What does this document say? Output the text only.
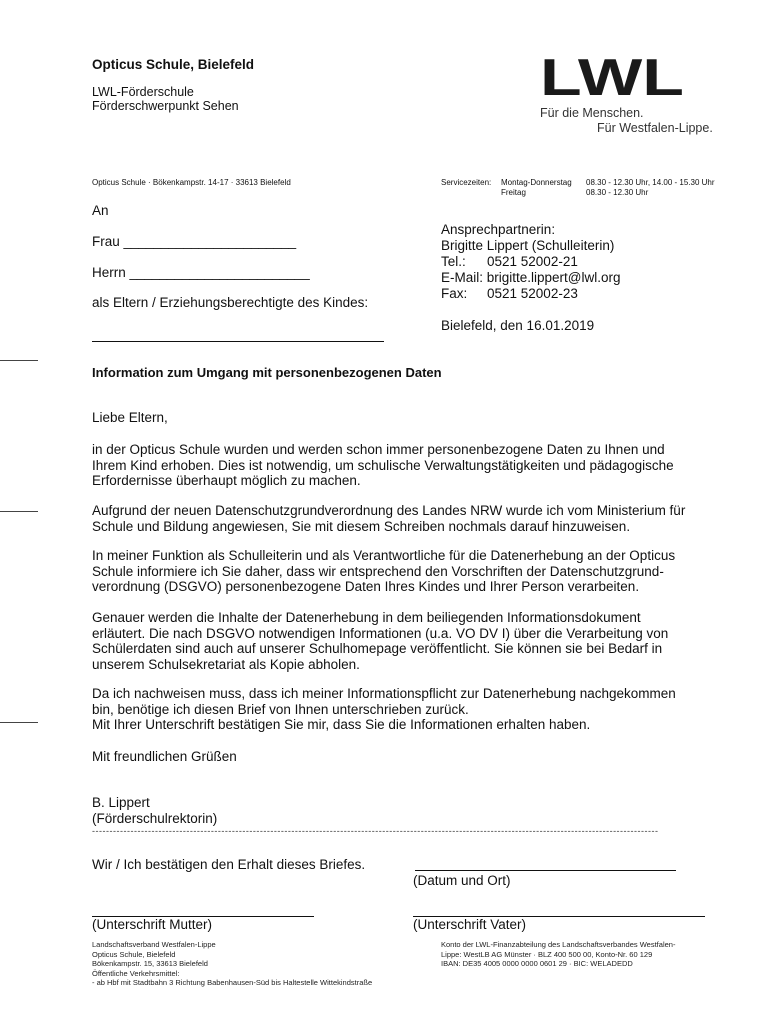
Opticus Schule, Bielefeld
LWL-Förderschule
Förderschwerpunkt Sehen	LWL
Für die Menschen.
Für Westfalen-Lippe.
Opticus Schule · Bökenkampstr. 14-17 · 33613 Bielefeld	Servicezeiten:	Montag-Donnerstag	08.30 - 12.30 Uhr, 14.00 - 15.30 Uhr
Freitag	08.30 - 12.30 Uhr
An
Frau _______________________
Herrn ________________________
als Eltern / Erziehungsberechtigte des Kindes:
Ansprechpartnerin:
Brigitte Lippert (Schulleiterin)
Tel.: 0521 52002-21
E-Mail: brigitte.lippert@lwl.org
Fax: 0521 52002-23
Bielefeld, den 16.01.2019
Information zum Umgang mit personenbezogenen Daten
Liebe Eltern,

in der Opticus Schule wurden und werden schon immer personenbezogene Daten zu Ihnen und

Ihrem Kind erhoben. Dies ist notwendig, um schulische Verwaltungstätigkeiten und pädagogische

Erfordernisse überhaupt möglich zu machen.

Aufgrund der neuen Datenschutzgrundverordnung des Landes NRW wurde ich vom Ministerium für

Schule und Bildung angewiesen, Sie mit diesem Schreiben nochmals darauf hinzuweisen.

In meiner Funktion als Schulleiterin und als Verantwortliche für die Datenerhebung an der Opticus

Schule informiere ich Sie daher, dass wir entsprechend den Vorschriften der Datenschutzgrund-

verordnung (DSGVO) personenbezogene Daten Ihres Kindes und Ihrer Person verarbeiten.

Genauer werden die Inhalte der Datenerhebung in dem beiliegenden Informationsdokument

erläutert. Die nach DSGVO notwendigen Informationen (u.a. VO DV I) über die Verarbeitung von

Schülerdaten sind auch auf unserer Schulhomepage veröffentlicht. Sie können sie bei Bedarf in

unserem Schulsekretariat als Kopie abholen.

Da ich nachweisen muss, dass ich meiner Informationspflicht zur Datenerhebung nachgekommen

bin, benötige ich diesen Brief von Ihnen unterschrieben zurück.

Mit Ihrer Unterschrift bestätigen Sie mir, dass Sie die Informationen erhalten haben.

Mit freundlichen Grüßen

B. Lippert

(Förderschulrektorin)

------------------------------------------------------------------------------------------------------------------------------------------------------------------
Wir / Ich bestätigen den Erhalt dieses Briefes.
(Datum und Ort)
(Unterschrift Mutter)	(Unterschrift Vater)
Landschaftsverband Westfalen-Lippe
Opticus Schule, Bielefeld
Bökenkampstr. 15, 33613 Bielefeld
Öffentliche Verkehrsmittel:
- ab Hbf mit Stadtbahn 3 Richtung Babenhausen-Süd bis Haltestelle Wittekindstraße
Konto der LWL-Finanzabteilung des Landschaftsverbandes Westfalen-
Lippe: WestLB AG Münster · BLZ 400 500 00, Konto-Nr. 60 129
IBAN: DE35 4005 0000 0000 0601 29 · BIC: WELADEDD
